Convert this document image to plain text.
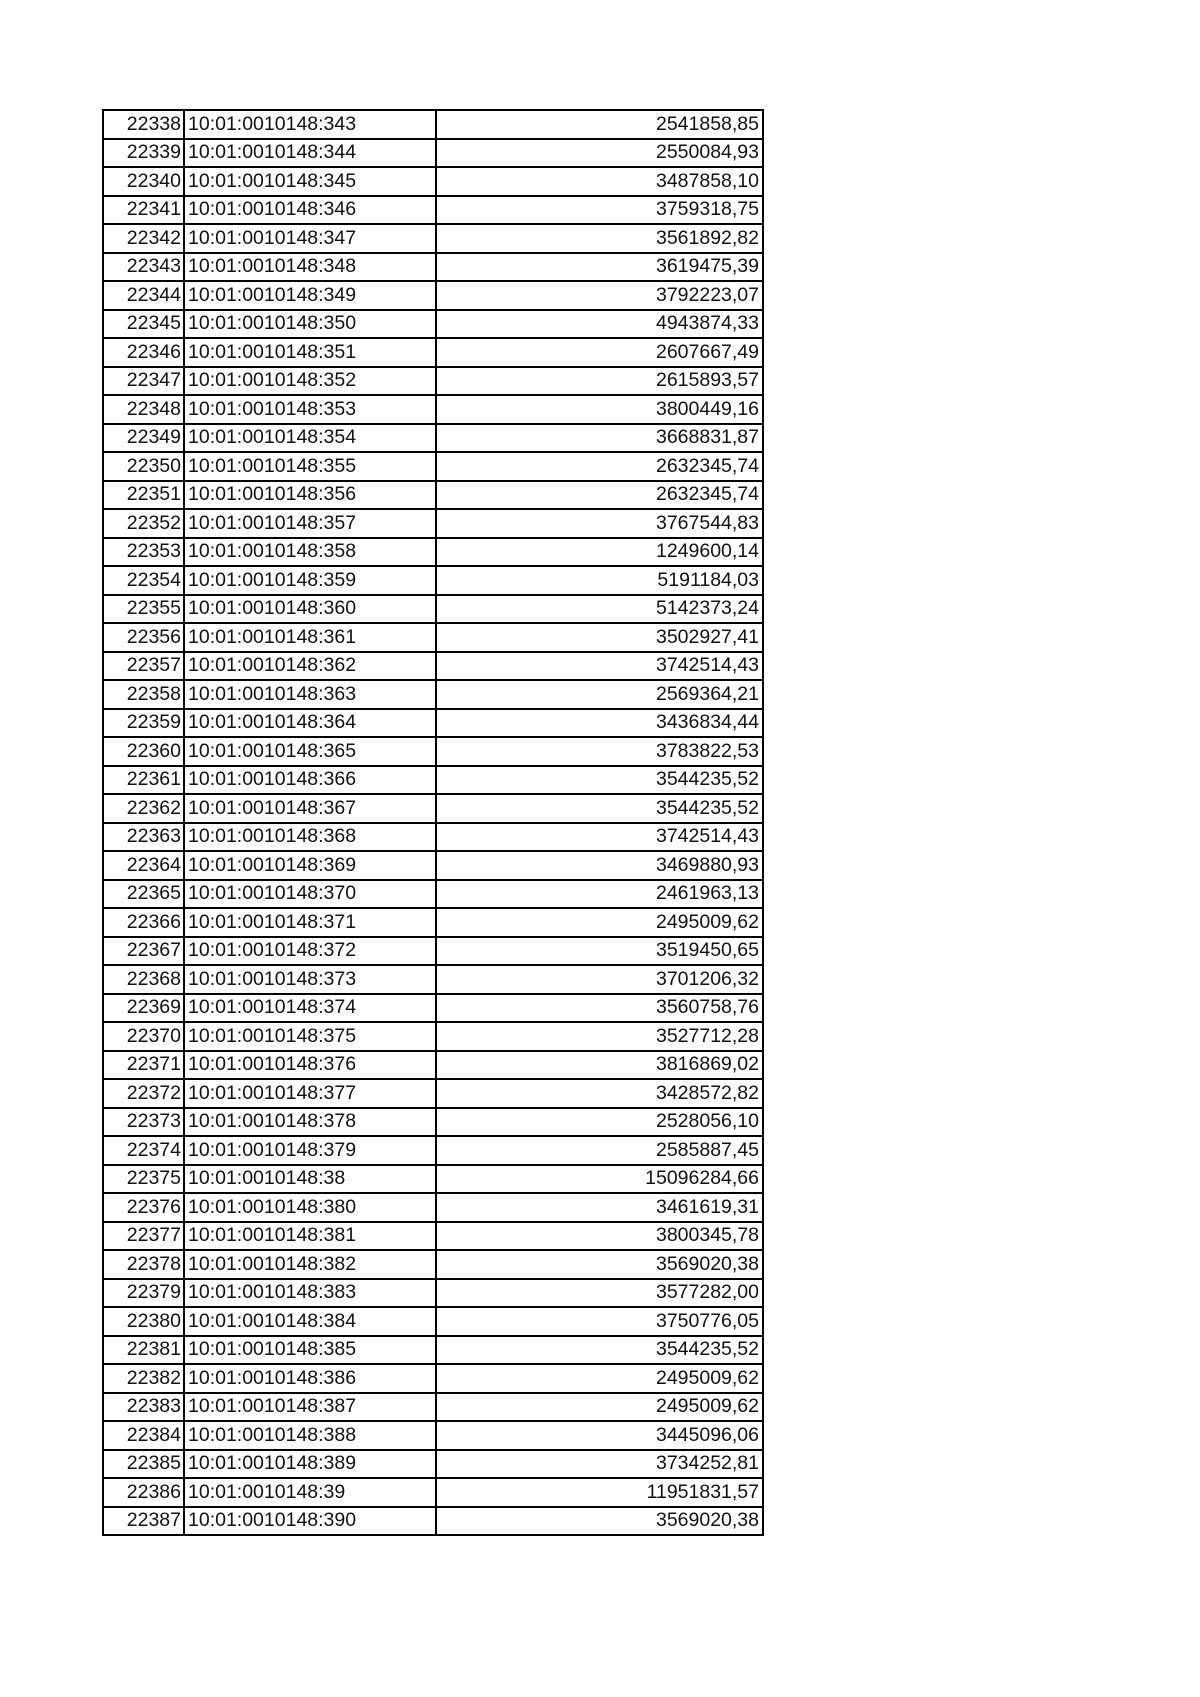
22338	10:01:0010148:343	2541858,85
22339	10:01:0010148:344	2550084,93
22340	10:01:0010148:345	3487858,10
22341	10:01:0010148:346	3759318,75
22342	10:01:0010148:347	3561892,82
22343	10:01:0010148:348	3619475,39
22344	10:01:0010148:349	3792223,07
22345	10:01:0010148:350	4943874,33
22346	10:01:0010148:351	2607667,49
22347	10:01:0010148:352	2615893,57
22348	10:01:0010148:353	3800449,16
22349	10:01:0010148:354	3668831,87
22350	10:01:0010148:355	2632345,74
22351	10:01:0010148:356	2632345,74
22352	10:01:0010148:357	3767544,83
22353	10:01:0010148:358	1249600,14
22354	10:01:0010148:359	5191184,03
22355	10:01:0010148:360	5142373,24
22356	10:01:0010148:361	3502927,41
22357	10:01:0010148:362	3742514,43
22358	10:01:0010148:363	2569364,21
22359	10:01:0010148:364	3436834,44
22360	10:01:0010148:365	3783822,53
22361	10:01:0010148:366	3544235,52
22362	10:01:0010148:367	3544235,52
22363	10:01:0010148:368	3742514,43
22364	10:01:0010148:369	3469880,93
22365	10:01:0010148:370	2461963,13
22366	10:01:0010148:371	2495009,62
22367	10:01:0010148:372	3519450,65
22368	10:01:0010148:373	3701206,32
22369	10:01:0010148:374	3560758,76
22370	10:01:0010148:375	3527712,28
22371	10:01:0010148:376	3816869,02
22372	10:01:0010148:377	3428572,82
22373	10:01:0010148:378	2528056,10
22374	10:01:0010148:379	2585887,45
22375	10:01:0010148:38	15096284,66
22376	10:01:0010148:380	3461619,31
22377	10:01:0010148:381	3800345,78
22378	10:01:0010148:382	3569020,38
22379	10:01:0010148:383	3577282,00
22380	10:01:0010148:384	3750776,05
22381	10:01:0010148:385	3544235,52
22382	10:01:0010148:386	2495009,62
22383	10:01:0010148:387	2495009,62
22384	10:01:0010148:388	3445096,06
22385	10:01:0010148:389	3734252,81
22386	10:01:0010148:39	11951831,57
22387	10:01:0010148:390	3569020,38
